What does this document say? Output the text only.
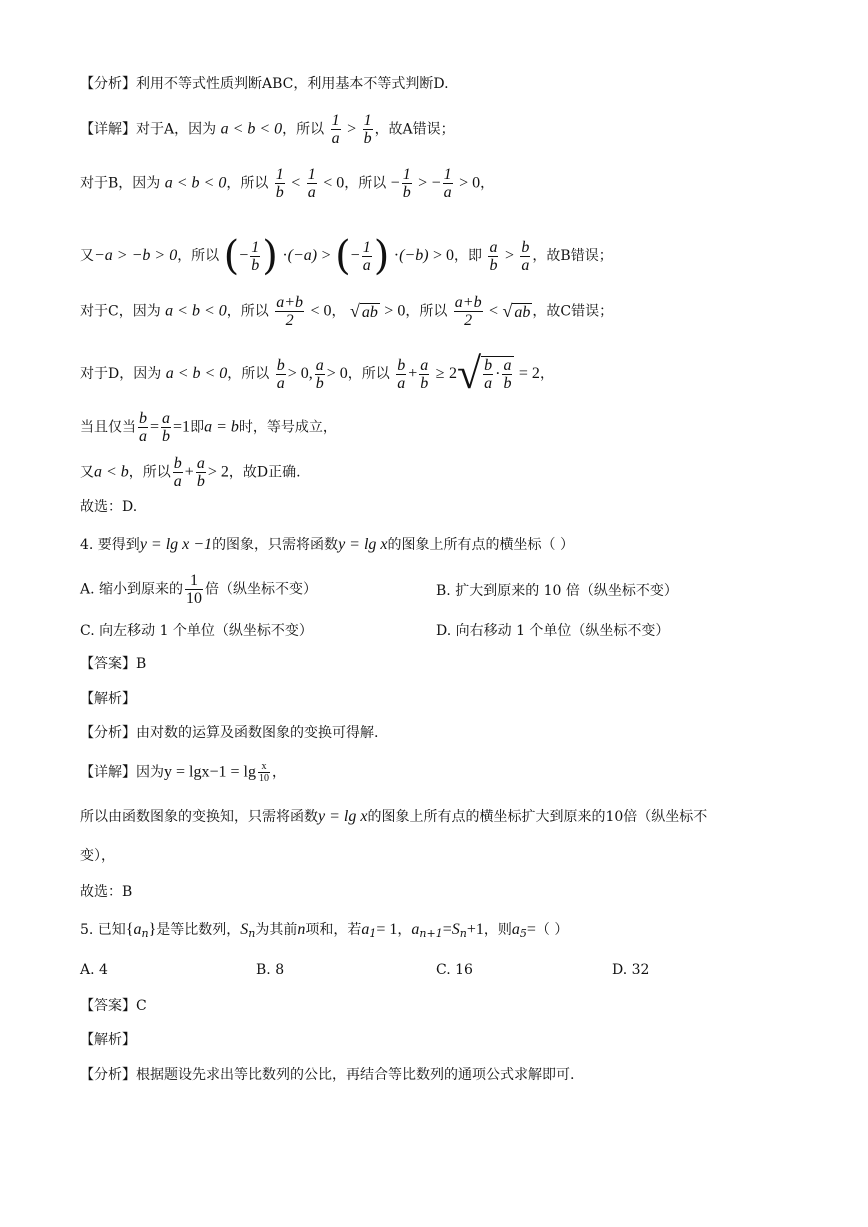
【分析】利用不等式性质判断ABC，利用基本不等式判断D.
【详解】对于A，因为 a < b < 0，所以 $\frac{1}{a} > \frac{1}{b}$ ，故A错误；
对于B，因为 a < b < 0，所以 $\frac{1}{b} < \frac{1}{a} < 0$，所以 − $\frac{1}{b}$ > − $\frac{1}{a} > 0$，
又−a > −b > 0，所以 (− $\frac{1}{b}$ ) ·(−a) > (− $\frac{1}{a}$ ) ·(−b) > 0，即 $\frac{a}{b} > \frac{b}{a}$ ，故B错误；
对于C，因为 a < b < 0，所以 $\frac{a+b}{2} < 0$， √ ab > 0，所以 $\frac{a+b}{2}$ < √ ab ，故C错误；
对于D，因为 a < b < 0，所以 $\frac{b}{a} > 0$, $\frac{a}{b} > 0$，所以 $\frac{b}{a} + \frac{a}{b} \ge 2√ \frac{b}{a} \cdot \frac{a}{b} = 2$，
当且仅当 $\frac{b}{a} = \frac{a}{b} =1$即a = b时，等号成立，
又a < b，所以 $\frac{b}{a} + \frac{a}{b} > 2$，故D正确.
故选：D.
4. 要得到y = lg x −1的图象，只需将函数y = lg x的图象上所有点的横坐标（ ）
A. 缩小到原来的 $\frac{1}{10}$ 倍（纵坐标不变）	B. 扩大到原来的 10 倍（纵坐标不变）
C. 向左移动 1 个单位（纵坐标不变）	D. 向右移动 1 个单位（纵坐标不变）
【答案】B
【解析】
【分析】由对数的运算及函数图象的变换可得解.
【详解】因为$y = \lg x-1 = \lg \frac{x}{10}$ ，
所以由函数图象的变换知，只需将函数y = lg x的图象上所有点的横坐标扩大到原来的10倍（纵坐标不
变），
故选：B
5. 已知$\{a_n\}$是等比数列，$S_n$为其前n项和，若$a_1= 1$，$a_{n+1}=S_n+1$，则$a_5=$（ ）
A. 4	B. 8	C. 16	D. 32
【答案】C
【解析】
【分析】根据题设先求出等比数列的公比，再结合等比数列的通项公式求解即可.
